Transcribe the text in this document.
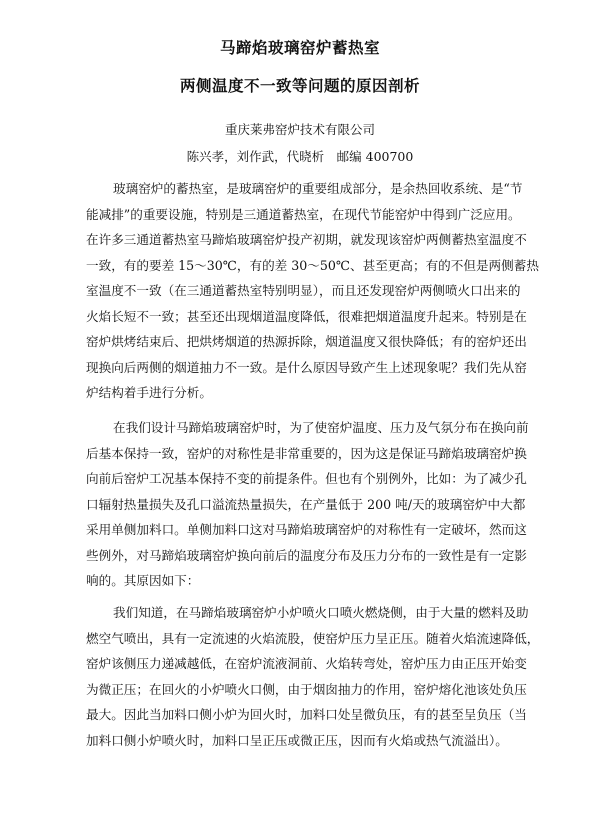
马蹄焰玻璃窑炉蓄热室
两侧温度不一致等问题的原因剖析
重庆莱弗窑炉技术有限公司
陈兴孝，刘作武，代晓析　邮编 400700
玻璃窑炉的蓄热室，是玻璃窑炉的重要组成部分，是余热回收系统、是“节
能减排”的重要设施，特别是三通道蓄热室，在现代节能窑炉中得到广泛应用。
在许多三通道蓄热室马蹄焰玻璃窑炉投产初期，就发现该窑炉两侧蓄热室温度不
一致，有的要差 15～30℃，有的差 30～50℃、甚至更高；有的不但是两侧蓄热
室温度不一致（在三通道蓄热室特别明显），而且还发现窑炉两侧喷火口出来的
火焰长短不一致；甚至还出现烟道温度降低，很难把烟道温度升起来。特别是在
窑炉烘烤结束后、把烘烤烟道的热源拆除，烟道温度又很快降低；有的窑炉还出
现换向后两侧的烟道抽力不一致。是什么原因导致产生上述现象呢？我们先从窑
炉结构着手进行分析。
在我们设计马蹄焰玻璃窑炉时，为了使窑炉温度、压力及气氛分布在换向前
后基本保持一致，窑炉的对称性是非常重要的，因为这是保证马蹄焰玻璃窑炉换
向前后窑炉工况基本保持不变的前提条件。但也有个别例外，比如：为了减少孔
口辐射热量损失及孔口溢流热量损失，在产量低于 200 吨/天的玻璃窑炉中大都
采用单侧加料口。单侧加料口这对马蹄焰玻璃窑炉的对称性有一定破坏，然而这
些例外，对马蹄焰玻璃窑炉换向前后的温度分布及压力分布的一致性是有一定影
响的。其原因如下：
我们知道，在马蹄焰玻璃窑炉小炉喷火口喷火燃烧侧，由于大量的燃料及助
燃空气喷出，具有一定流速的火焰流股，使窑炉压力呈正压。随着火焰流速降低，
窑炉该侧压力递减越低，在窑炉流液洞前、火焰转弯处，窑炉压力由正压开始变
为微正压；在回火的小炉喷火口侧，由于烟囱抽力的作用，窑炉熔化池该处负压
最大。因此当加料口侧小炉为回火时，加料口处呈微负压，有的甚至呈负压（当
加料口侧小炉喷火时，加料口呈正压或微正压，因而有火焰或热气流溢出）。
